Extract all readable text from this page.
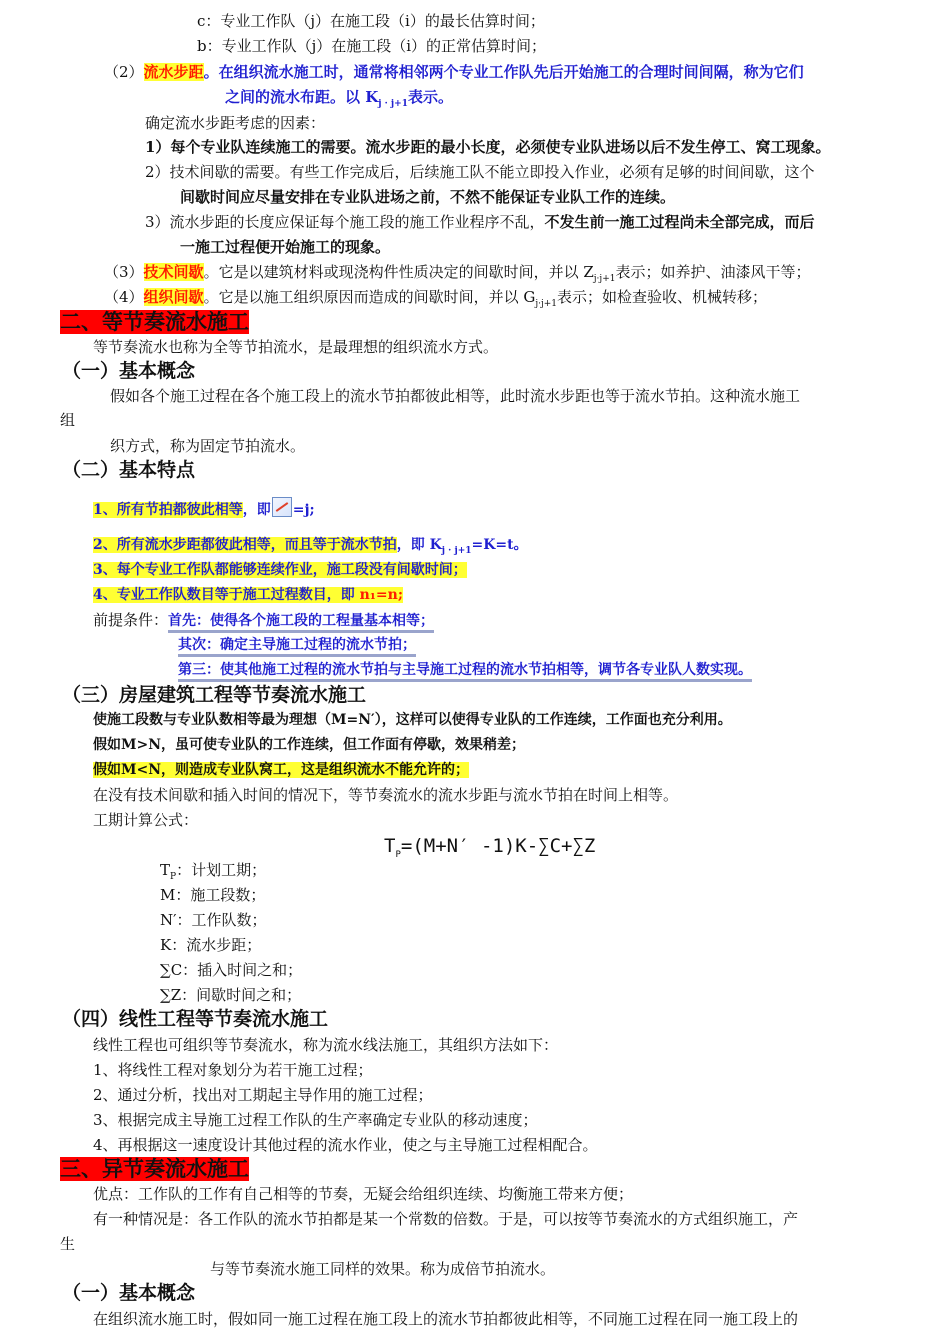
c：专业工作队（j）在施工段（i）的最长估算时间；
b：专业工作队（j）在施工段（i）的正常估算时间；
（2）流水步距。在组织流水施工时，通常将相邻两个专业工作队先后开始施工的合理时间间隔，称为它们
之间的流水布距。以 $K_{j \cdot j+1}$表示。
确定流水步距考虑的因素：
1）每个专业队连续施工的需要。流水步距的最小长度，必须使专业队进场以后不发生停工、窝工现象。
2）技术间歇的需要。有些工作完成后，后续施工队不能立即投入作业，必须有足够的时间间歇，这个
间歇时间应尽量安排在专业队进场之前，不然不能保证专业队工作的连续。
3）流水步距的长度应保证每个施工段的施工作业程序不乱，不发生前一施工过程尚未全部完成，而后
一施工过程便开始施工的现象。
（3）技术间歇。它是以建筑材料或现浇构件性质决定的间歇时间，并以 $Z_{j\cdot j+1}$表示；如养护、油漆风干等；
（4）组织间歇。它是以施工组织原因而造成的间歇时间，并以 $G_{j\cdot j+1}$表示；如检查验收、机械转移；
二、等节奏流水施工
等节奏流水也称为全等节拍流水，是最理想的组织流水方式。
（一）基本概念
假如各个施工过程在各个施工段上的流水节拍都彼此相等，此时流水步距也等于流水节拍。这种流水施工
组
织方式，称为固定节拍流水。
（二）基本特点
1、所有节拍都彼此相等，即 =j;
2、所有流水步距都彼此相等，而且等于流水节拍，即 $K_{j \cdot j+1}=K=t$。
3、每个专业工作队都能够连续作业，施工段没有间歇时间；
4、专业工作队数目等于施工过程数目，即 n₁=n;
前提条件：首先：使得各个施工段的工程量基本相等；
其次：确定主导施工过程的流水节拍；
第三：使其他施工过程的流水节拍与主导施工过程的流水节拍相等，调节各专业队人数实现。
（三）房屋建筑工程等节奏流水施工
使施工段数与专业队数相等最为理想（M=N′），这样可以使得专业队的工作连续，工作面也充分利用。
假如M>N，虽可使专业队的工作连续，但工作面有停歇，效果稍差；
假如M<N，则造成专业队窝工，这是组织流水不能允许的；
在没有技术间歇和插入时间的情况下，等节奏流水的流水步距与流水节拍在时间上相等。
工期计算公式：
$T_P=(M+N'$ -1)K-∑C+∑Z
$T_P$：计划工期；
M：施工段数；
N′：工作队数；
K：流水步距；
∑C：插入时间之和；
∑Z：间歇时间之和；
（四）线性工程等节奏流水施工
线性工程也可组织等节奏流水，称为流水线法施工，其组织方法如下：
1、将线性工程对象划分为若干施工过程；
2、通过分析，找出对工期起主导作用的施工过程；
3、根据完成主导施工过程工作队的生产率确定专业队的移动速度；
4、再根据这一速度设计其他过程的流水作业，使之与主导施工过程相配合。
三、异节奏流水施工
优点：工作队的工作有自己相等的节奏，无疑会给组织连续、均衡施工带来方便；
有一种情况是：各工作队的流水节拍都是某一个常数的倍数。于是，可以按等节奏流水的方式组织施工，产
生
与等节奏流水施工同样的效果。称为成倍节拍流水。
（一）基本概念
在组织流水施工时，假如同一施工过程在施工段上的流水节拍都彼此相等，不同施工过程在同一施工段上的
